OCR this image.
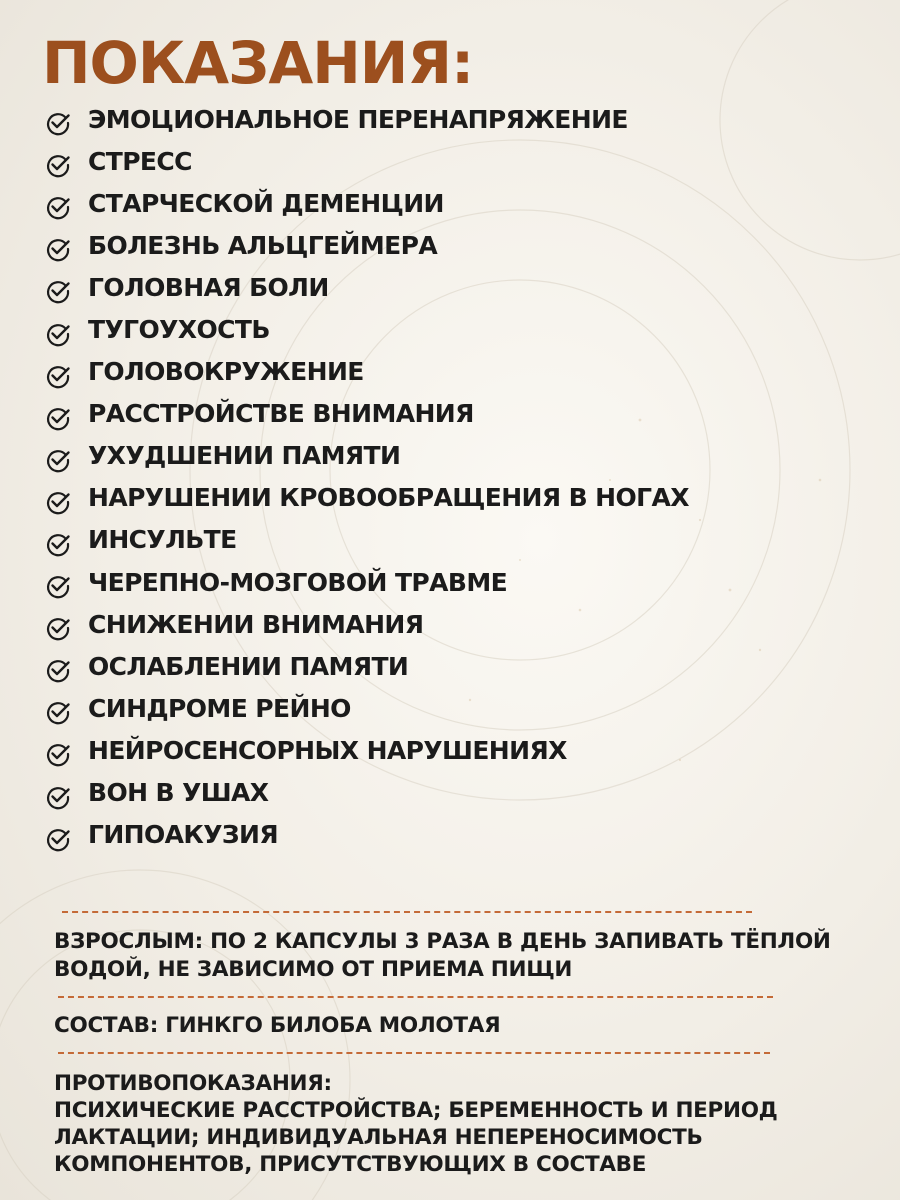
ПОКАЗАНИЯ:
ЭМОЦИОНАЛЬНОЕ ПЕРЕНАПРЯЖЕНИЕ
СТРЕСС
СТАРЧЕСКОЙ ДЕМЕНЦИИ
БОЛЕЗНЬ АЛЬЦГЕЙМЕРА
ГОЛОВНАЯ БОЛИ
ТУГОУХОСТЬ
ГОЛОВОКРУЖЕНИЕ
РАССТРОЙСТВЕ ВНИМАНИЯ
УХУДШЕНИИ ПАМЯТИ
НАРУШЕНИИ КРОВООБРАЩЕНИЯ В НОГАХ
ИНСУЛЬТЕ
ЧЕРЕПНО-МОЗГОВОЙ ТРАВМЕ
СНИЖЕНИИ ВНИМАНИЯ
ОСЛАБЛЕНИИ ПАМЯТИ
СИНДРОМЕ РЕЙНО
НЕЙРОСЕНСОРНЫХ НАРУШЕНИЯХ
ВОН В УШАХ
ГИПОАКУЗИЯ

ВЗРОСЛЫМ: ПО 2 КАПСУЛЫ 3 РАЗА В ДЕНЬ ЗАПИВАТЬ ТЁПЛОЙ
ВОДОЙ, НЕ ЗАВИСИМО ОТ ПРИЕМА ПИЩИ

СОСТАВ: ГИНКГО БИЛОБА МОЛОТАЯ

ПРОТИВОПОКАЗАНИЯ:
ПСИХИЧЕСКИЕ РАССТРОЙСТВА; БЕРЕМЕННОСТЬ И ПЕРИОД
ЛАКТАЦИИ; ИНДИВИДУАЛЬНАЯ НЕПЕРЕНОСИМОСТЬ
КОМПОНЕНТОВ, ПРИСУТСТВУЮЩИХ В СОСТАВЕ
